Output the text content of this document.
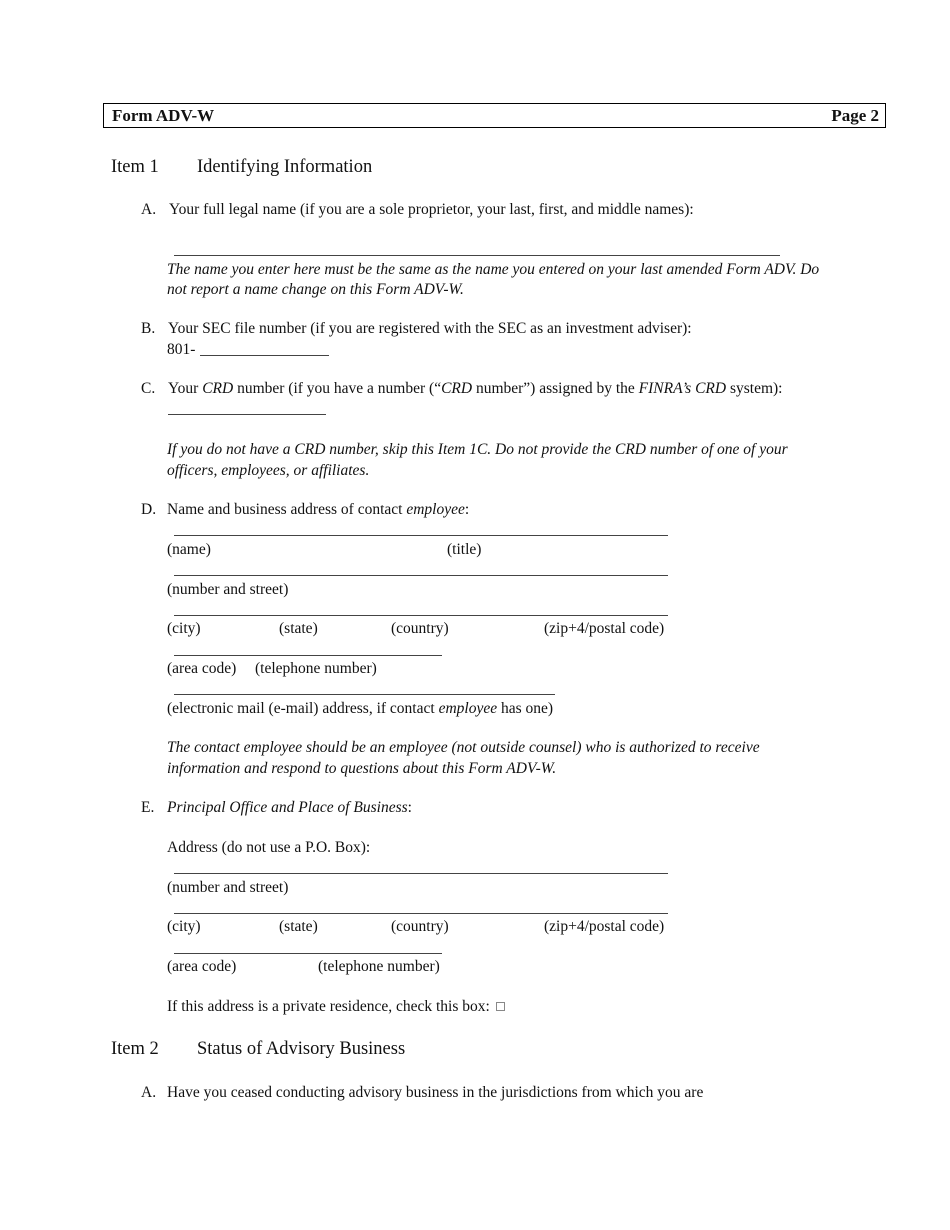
Form ADV-W	Page 2
Item 1 Identifying Information
A. Your full legal name (if you are a sole proprietor, your last, first, and middle names):
The name you enter here must be the same as the name you entered on your last amended Form ADV. Do
not report a name change on this Form ADV-W.
B. Your SEC file number (if you are registered with the SEC as an investment adviser):
801-
C. Your CRD number (if you have a number (“CRD number”) assigned by the FINRA’s CRD system):
If you do not have a CRD number, skip this Item 1C. Do not provide the CRD number of one of your
officers, employees, or affiliates.
D. Name and business address of contact employee:
(name)	(title)
(number and street)
(city)	(state)	(country)	(zip+4/postal code)
(area code) (telephone number)
(electronic mail (e-mail) address, if contact employee has one)
The contact employee should be an employee (not outside counsel) who is authorized to receive
information and respond to questions about this Form ADV-W.
E. Principal Office and Place of Business:
Address (do not use a P.O. Box):
(number and street)
(city)	(state)	(country)	(zip+4/postal code)
(area code)	(telephone number)
If this address is a private residence, check this box:
Item 2 Status of Advisory Business
A. Have you ceased conducting advisory business in the jurisdictions from which you are
